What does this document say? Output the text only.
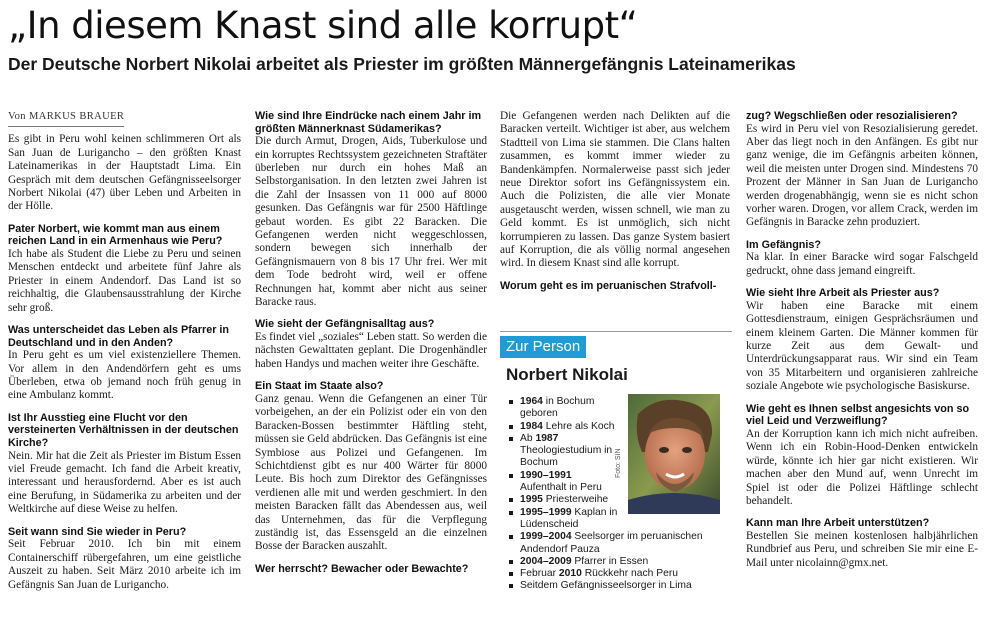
„In diesem Knast sind alle korrupt“
Der Deutsche Norbert Nikolai arbeitet als Priester im größten Männergefängnis Lateinamerikas
Von MARKUS BRAUER
Es gibt in Peru wohl keinen schlimmeren Ort als San Juan de Lurigancho – den größten Knast Lateinamerikas in der Hauptstadt Lima. Ein Gespräch mit dem deutschen Gefängnisseelsorger Norbert Nikolai (47) über Leben und Arbeiten in der Hölle.
Pater Norbert, wie kommt man aus einem reichen Land in ein Armenhaus wie Peru?
Ich habe als Student die Liebe zu Peru und seinen Menschen entdeckt und arbeitete fünf Jahre als Priester in einem Andendorf. Das Land ist so reichhaltig, die Glaubensausstrahlung der Kirche sehr groß.
Was unterscheidet das Leben als Pfarrer in Deutschland und in den Anden?
In Peru geht es um viel existenziellere Themen. Vor allem in den Andendörfern geht es ums Überleben, etwa ob jemand noch früh genug in eine Ambulanz kommt.
Ist Ihr Ausstieg eine Flucht vor den versteinerten Verhältnissen in der deutschen Kirche?
Nein. Mir hat die Zeit als Priester im Bistum Essen viel Freude gemacht. Ich fand die Arbeit kreativ, interessant und herausfordernd. Aber es ist auch eine Berufung, in Südamerika zu arbeiten und der Weltkirche auf diese Weise zu helfen.
Seit wann sind Sie wieder in Peru?
Seit Februar 2010. Ich bin mit einem Containerschiff rübergefahren, um eine geistliche Auszeit zu haben. Seit März 2010 arbeite ich im Gefängnis San Juan de Lurigancho.
Wie sind Ihre Eindrücke nach einem Jahr im größten Männerknast Südamerikas?
Die durch Armut, Drogen, Aids, Tuberkulose und ein korruptes Rechtssystem gezeichneten Straftäter überleben nur durch ein hohes Maß an Selbstorganisation. In den letzten zwei Jahren ist die Zahl der Insassen von 11 000 auf 8000 gesunken. Das Gefängnis war für 2500 Häftlinge gebaut worden. Es gibt 22 Baracken. Die Gefangenen werden nicht weggeschlossen, sondern bewegen sich innerhalb der Gefängnismauern von 8 bis 17 Uhr frei. Wer mit dem Tode bedroht wird, weil er offene Rechnungen hat, kommt aber nicht aus seiner Baracke raus.
Wie sieht der Gefängnisalltag aus?
Es findet viel „soziales“ Leben statt. So werden die nächsten Gewalttaten geplant. Die Drogenhändler haben Handys und machen weiter ihre Geschäfte.
Ein Staat im Staate also?
Ganz genau. Wenn die Gefangenen an einer Tür vorbeigehen, an der ein Polizist oder ein von den Baracken-Bossen bestimmter Häftling steht, müssen sie Geld abdrücken. Das Gefängnis ist eine Symbiose aus Polizei und Gefangenen. Im Schichtdienst gibt es nur 400 Wärter für 8000 Leute. Bis hoch zum Direktor des Gefängnisses verdienen alle mit und werden geschmiert. In den meisten Baracken fällt das Abendessen aus, weil das Unternehmen, das für die Verpflegung zuständig ist, das Essensgeld an die einzelnen Bosse der Baracken auszahlt.
Wer herrscht? Bewacher oder Bewachte?
Die Gefangenen werden nach Delikten auf die Baracken verteilt. Wichtiger ist aber, aus welchem Stadtteil von Lima sie stammen. Die Clans halten zusammen, es kommt immer wieder zu Bandenkämpfen. Normalerweise passt sich jeder neue Direktor sofort ins Gefängnissystem ein. Auch die Polizisten, die alle vier Monate ausgetauscht werden, wissen schnell, wie man zu Geld kommt. Es ist unmöglich, sich nicht korrumpieren zu lassen. Das ganze System basiert auf Korruption, die als völlig normal angesehen wird. In diesem Knast sind alle korrupt.
Worum geht es im peruanischen Strafvoll-
zug? Wegschließen oder resozialisieren?
Es wird in Peru viel von Resozialisierung geredet. Aber das liegt noch in den Anfängen. Es gibt nur ganz wenige, die im Gefängnis arbeiten können, weil die meisten unter Drogen sind. Mindestens 70 Prozent der Männer in San Juan de Lurigancho werden drogenabhängig, wenn sie es nicht schon vorher waren. Drogen, vor allem Crack, werden im Gefängnis in Baracke zehn produziert.
Im Gefängnis?
Na klar. In einer Baracke wird sogar Falschgeld gedruckt, ohne dass jemand eingreift.
Wie sieht Ihre Arbeit als Priester aus?
Wir haben eine Baracke mit einem Gottesdienstraum, einigen Gesprächsräumen und einem kleinem Garten. Die Männer kommen für kurze Zeit aus dem Gewalt- und Unterdrückungsapparat raus. Wir sind ein Team von 35 Mitarbeitern und organisieren zahlreiche soziale Angebote wie psychologische Basiskurse.
Wie geht es Ihnen selbst angesichts von so viel Leid und Verzweiflung?
An der Korruption kann ich mich nicht aufreiben. Wenn ich ein Robin-Hood-Denken entwickeln würde, könnte ich hier gar nicht existieren. Wir machen aber den Mund auf, wenn Unrecht im Spiel ist oder die Polizei Häftlinge schlecht behandelt.
Kann man Ihre Arbeit unterstützen?
Bestellen Sie meinen kostenlosen halbjährlichen Rundbrief aus Peru, und schreiben Sie mir eine E-Mail unter nicolainn@gmx.net.
Zur Person
Norbert Nikolai
1964 in Bochum geboren
1984 Lehre als Koch
Ab 1987 Theologiestudium in Bochum
1990–1991 Aufenthalt in Peru
1995 Priesterweihe
1995–1999 Kaplan in Lüdenscheid
1999–2004 Seelsorger im peruanischen Andendorf Pauza
2004–2009 Pfarrer in Essen
Februar 2010 Rückkehr nach Peru
Seitdem Gefängnisseelsorger in Lima
Foto: SIN
